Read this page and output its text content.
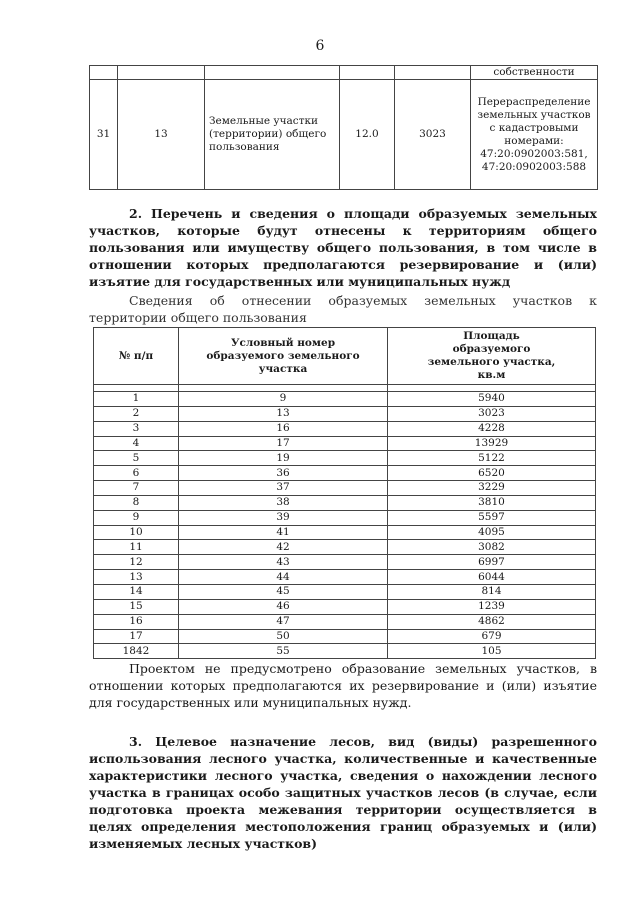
6
					собственности
31	13	Земельные участки (территории) общего пользования	12.0	3023	Перераспределение земельных участков с кадастровыми номерами: 47:20:0902003:581, 47:20:0902003:588
2. Перечень и сведения о площади образуемых земельных участков, которые будут отнесены к территориям общего пользования или имуществу общего пользования, в том числе в отношении которых предполагаются резервирование и (или) изъятие для государственных или муниципальных нужд
Сведения об отнесении образуемых земельных участков к территории общего пользования
№ п/п	Условный номер образуемого земельного участка	Площадь образуемого земельного участка, кв.м

1	9	5940
2	13	3023
3	16	4228
4	17	13929
5	19	5122
6	36	6520
7	37	3229
8	38	3810
9	39	5597
10	41	4095
11	42	3082
12	43	6997
13	44	6044
14	45	814
15	46	1239
16	47	4862
17	50	679
1842	55	105
Проектом не предусмотрено образование земельных участков, в отношении которых предполагаются их резервирование и (или) изъятие для государственных или муниципальных нужд.
3. Целевое назначение лесов, вид (виды) разрешенного использования лесного участка, количественные и качественные характеристики лесного участка, сведения о нахождении лесного участка в границах особо защитных участков лесов (в случае, если подготовка проекта межевания территории осуществляется в целях определения местоположения границ образуемых и (или) изменяемых лесных участков)
